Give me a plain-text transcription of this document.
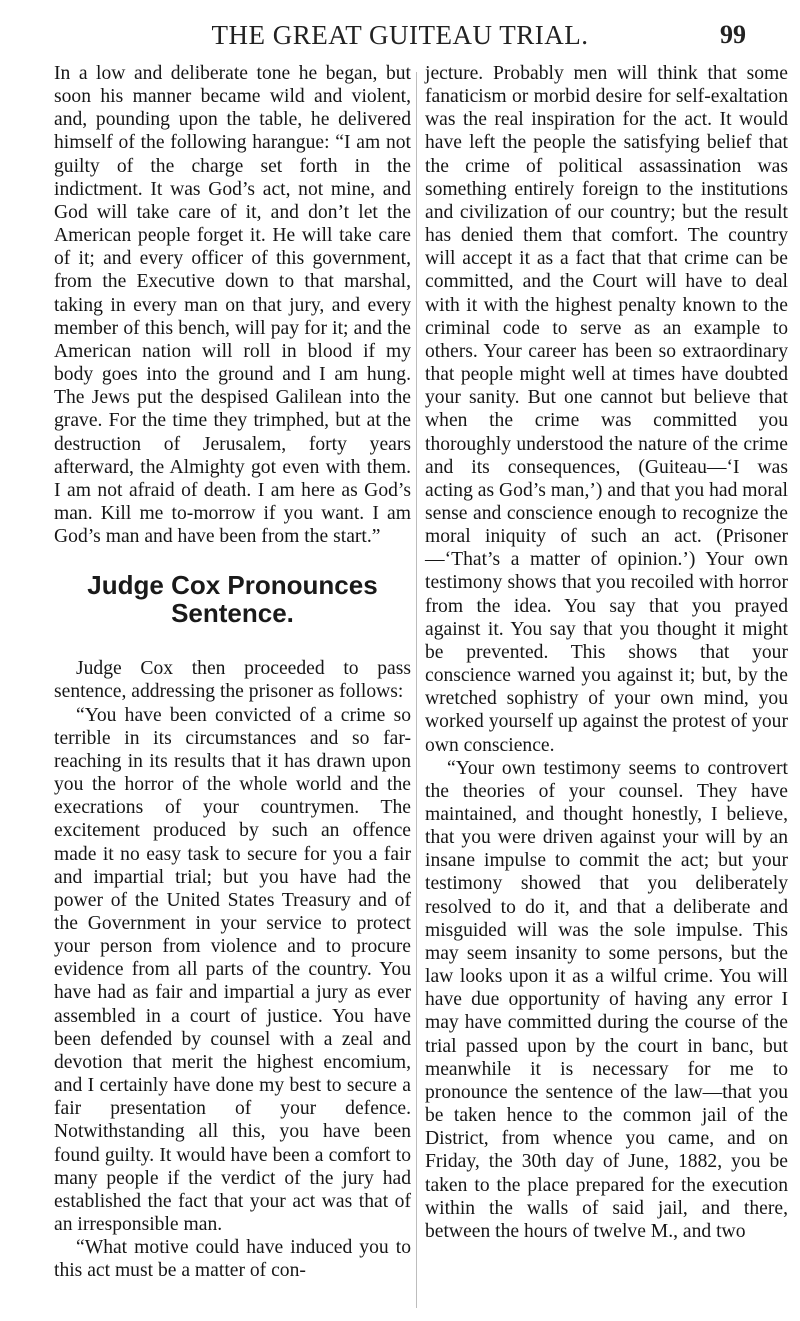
THE GREAT GUITEAU TRIAL.	99

In a low and deliberate tone he began, but soon his manner became wild and violent, and, pounding upon the table, he delivered himself of the following harangue: “I am not guilty of the charge set forth in the indictment. It was God’s act, not mine, and God will take care of it, and don’t let the American people forget it. He will take care of it; and every officer of this government, from the Executive down to that marshal, taking in every man on that jury, and every member of this bench, will pay for it; and the American nation will roll in blood if my body goes into the ground and I am hung. The Jews put the despised Galilean into the grave. For the time they trimphed, but at the destruction of Jerusalem, forty years afterward, the Almighty got even with them. I am not afraid of death. I am here as God’s man. Kill me to-morrow if you want. I am God’s man and have been from the start.”

Judge Cox Pronounces Sentence.

Judge Cox then proceeded to pass sentence, addressing the prisoner as follows:

“You have been convicted of a crime so terrible in its circumstances and so far-reaching in its results that it has drawn upon you the horror of the whole world and the execrations of your countrymen. The excitement produced by such an offence made it no easy task to secure for you a fair and impartial trial; but you have had the power of the United States Treasury and of the Government in your service to protect your person from violence and to procure evidence from all parts of the country. You have had as fair and impartial a jury as ever assembled in a court of justice. You have been defended by counsel with a zeal and devotion that merit the highest encomium, and I certainly have done my best to secure a fair presentation of your defence. Notwithstanding all this, you have been found guilty. It would have been a comfort to many people if the verdict of the jury had established the fact that your act was that of an irresponsible man.

“What motive could have induced you to this act must be a matter of con-

jecture. Probably men will think that some fanaticism or morbid desire for self-exaltation was the real inspiration for the act. It would have left the people the satisfying belief that the crime of political assassination was something entirely foreign to the institutions and civilization of our country; but the result has denied them that comfort. The country will accept it as a fact that that crime can be committed, and the Court will have to deal with it with the highest penalty known to the criminal code to serve as an example to others. Your career has been so extraordinary that people might well at times have doubted your sanity. But one cannot but believe that when the crime was committed you thoroughly understood the nature of the crime and its consequences, (Guiteau—‘I was acting as God’s man,’) and that you had moral sense and conscience enough to recognize the moral iniquity of such an act. (Prisoner—‘That’s a matter of opinion.’) Your own testimony shows that you recoiled with horror from the idea. You say that you prayed against it. You say that you thought it might be prevented. This shows that your conscience warned you against it; but, by the wretched sophistry of your own mind, you worked yourself up against the protest of your own conscience.

“Your own testimony seems to controvert the theories of your counsel. They have maintained, and thought honestly, I believe, that you were driven against your will by an insane impulse to commit the act; but your testimony showed that you deliberately resolved to do it, and that a deliberate and misguided will was the sole impulse. This may seem insanity to some persons, but the law looks upon it as a wilful crime. You will have due opportunity of having any error I may have committed during the course of the trial passed upon by the court in banc, but meanwhile it is necessary for me to pronounce the sentence of the law—that you be taken hence to the common jail of the District, from whence you came, and on Friday, the 30th day of June, 1882, you be taken to the place prepared for the execution within the walls of said jail, and there, between the hours of twelve M., and two
